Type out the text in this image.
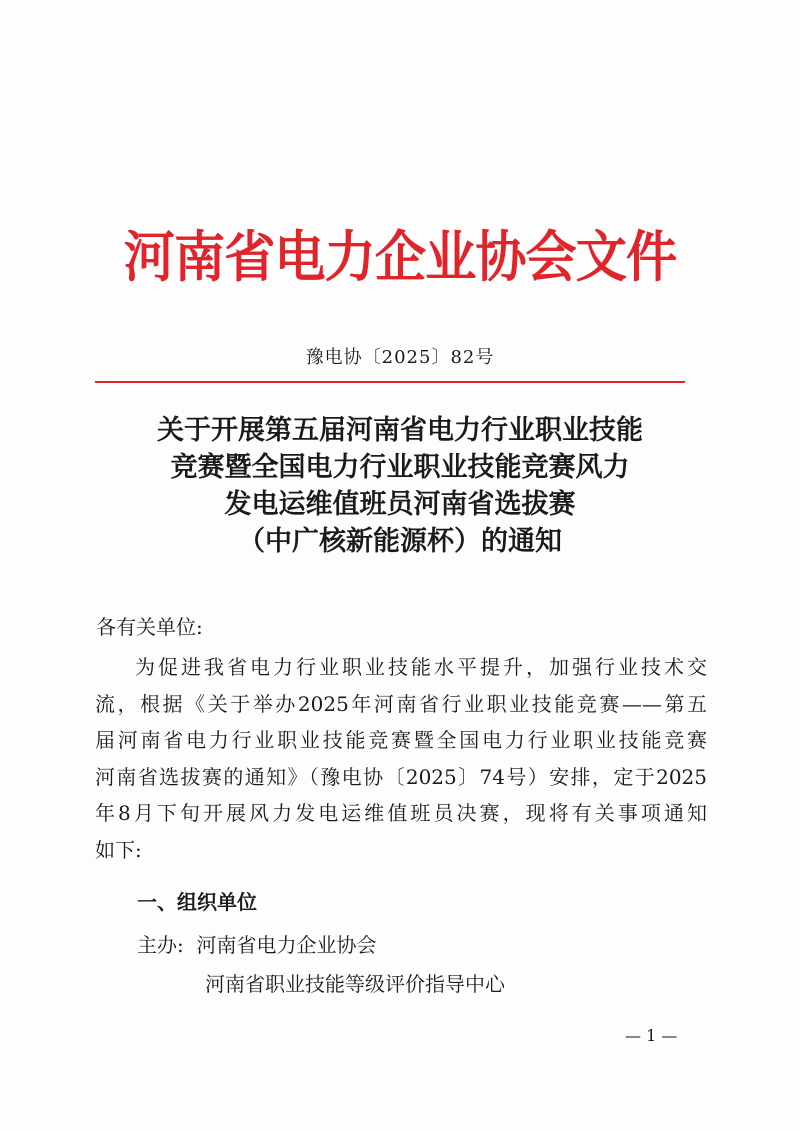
河南省电力企业协会文件
豫电协〔2025〕82号
关于开展第五届河南省电力行业职业技能
竞赛暨全国电力行业职业技能竞赛风力
发电运维值班员河南省选拔赛
（中广核新能源杯）的通知
各有关单位:
为促进我省电力行业职业技能水平提升，加强行业技术交
流，根据《关于举办2025年河南省行业职业技能竞赛——第五
届河南省电力行业职业技能竞赛暨全国电力行业职业技能竞赛
河南省选拔赛的通知》（豫电协〔2025〕74号）安排，定于2025
年8月下旬开展风力发电运维值班员决赛，现将有关事项通知
如下:
一、组织单位
主办: 河南省电力企业协会
河南省职业技能等级评价指导中心
— 1 —
